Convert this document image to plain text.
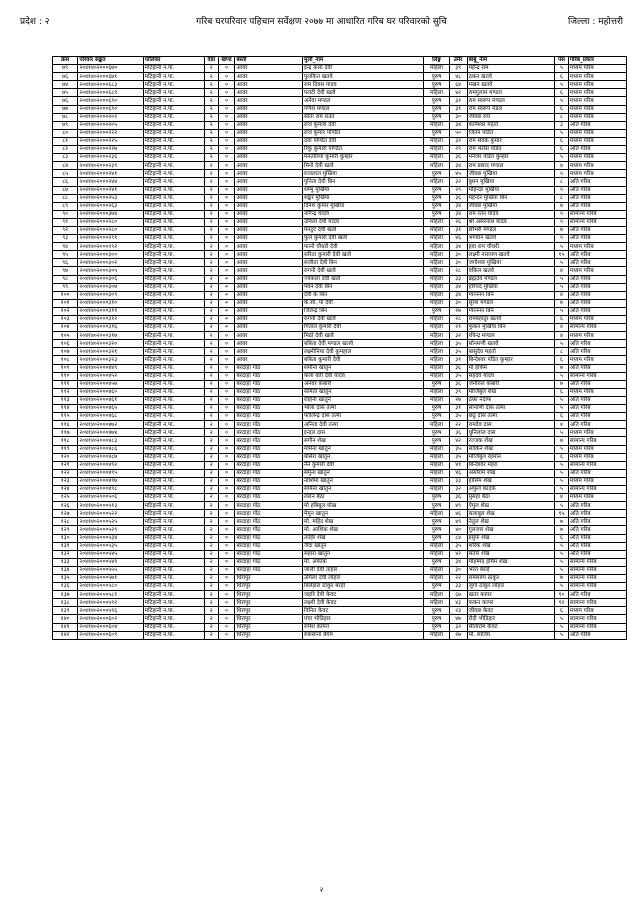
प्रदेश : २	गरिब घरपरिवार पहिचान सर्वेक्षण २०७७ मा आधारित गरिब घर परिवारको सुचि	जिल्ला : महोत्तरी
क्रस	परिवार संङ्केत	पालिका	वडा	खण्ड	बस्ती	मुली_नाम	लिङ्ग	उमेर	बाबु_नाम	पस	गरिब_प्रकार
७९	२०४१४०२०००६७०	मटिहानी न.पा.	२	०	आवर	इन्द्र कला देवी	महिला	३९	महेन्द्र राम	५	मध्यम गरिब
७६	२०४१४०२०००६७१	मटिहानी न.पा.	२	०	आवर	पुलकित खतवे	पुरुष	४८	ठकन खतवे	६	मध्यम गरिब
७४	२०४१४०२०००६८३	मटिहानी न.पा.	२	०	आवर	राम दिवस पादव	पुरुष	६४	मखन खतवे	५	मध्यम गरिब
७५	२०४१४०२०००६८९	मटिहानी न.पा.	२	०	आवर	पलटी देवी खत्वे	महिला	४२	रामगुलाम मण्डल	६	मध्यम गरिब
७६	२०४१४०२०००६९०	मटिहानी न.पा.	२	०	आवर	अनेवा मण्डल	पुरुष	३२	राम स्वरूप मण्डल	५	मध्यम गरिब
७७	२०४१४०२०००६९०	मटिहानी न.पा.	२	०	आवर	गणेश मण्डल	पुरुष	३१	राम स्वरूप मंडल	६	मध्यम गरिब
७८	२०४१४०२०००२०२	मटिहानी न.पा.	२	०	आवर	सीता राम राउत	पुरुष	३०	जीवछ राय	८	मध्यम गरिब
७९	२०४१४०२०००२०५	मटिहानी न.पा.	२	०	आवर	राज कुमारी देवी	महिला	३४	कामेश्वर महतो	३	अति गरिब
८०	२०४१४०२०००२२२	मटिहानी न.पा.	२	०	आवर	राज कुमार पण्डित	पुरुष	५०	जितन पंडित	५	मध्यम गरिब
८१	२०४१४०२०००२२५	मटिहानी न.पा.	२	०	आवर	दया पण्डित देवी	महिला	३२	राम सेवक कुमार	६	मध्यम गरिब
८२	२०४१४०२०००२२७	मटिहानी न.पा.	२	०	आवर	रिंकु कुमारी पण्डित	महिला	२९	राम भरोस पंडित	६	अति गरिब
८३	२०४१४०२०००२३६	मटिहानी न.पा.	२	०	आवर	मनतोरिया कुमारी कुम्हार	महिला	३६	मनेजर पंडित कुम्हार	५	मध्यम गरिब
८४	२०४१४०२०००२३९	मटिहानी न.पा.	२	०	आवर	मिनो देवी खत्वे	महिला	३४	राम प्रसाद मण्डल	४	मध्यम गरिब
८५	२०४१४०२०००२४१	मटिहानी न.पा.	२	०	आवर	राजलाल मुखिया	पुरुष	४५	जीवछ मुखिया	५	मध्यम गरिब
८६	२०४१४०२०००२४४	मटिहानी न.पा.	२	०	आवर	पुनिता देवी बिन	महिला	३२	बुधन मुखिया	८	अति गरिब
८७	२०४१४०२०००२४१	मटिहानी न.पा.	२	०	आवर	शम्भु मुखिया	पुरुष	२९	महिन्दर मुखिया	५	अति गरिब
८८	२०४१४०२०००२५३	मटिहानी न.पा.	२	०	आवर	शङ्कर मुखिया	पुरुष	३६	महेन्दर मुखिया बिन	८	अति गरिब
८९	२०४१४०२०००२६३	मटिहानी न.पा.	२	०	आवर	दिनेश कुमार मुखिया	पुरुष	३४	जीवछ मुखिया	७	अति गरिब
९०	२०४१४०२०००३७४	मटिहानी न.पा.	२	०	आवर	नागेन्द्र यादव	पुरुष	३४	राम रतन यादव	५	सामान्य गरिब
९१	२०४१४०२०००२८०	मटिहानी न.पा.	२	०	आवर	उर्मिला देवी यादव	महिला	२६	श्री असरनाथ यादव	५	सामान्य गरिब
९२	२०४१४०२०००२८०	मटिहानी न.पा.	२	०	आवर	मनटुट देवी खत्वे	महिला	३१	छोभरी मण्डल	७	अति गरिब
९३	२०४१४०२०००२९१	मटिहानी न.पा.	२	०	आवर	फुल कुमारी देवी खत्वे	महिला	४६	भगवान खतवे	५	अति गरिब
९४	२०४१४०२०००२९२	मटिहानी न.पा.	२	०	आवर	फानो चौधरी देवी	महिला	३४	हवा राम चौधरी	५	मध्यम गरिब
९५	२०४१४०२०००३००	मटिहानी न.पा.	२	०	आवर	सरिता कुमारी देवी खत्वे	महिला	३०	लक्ष्मी नारायण खतवे	१५	अति गरिब
९६	२०४१४०२०००३०२	मटिहानी न.पा.	२	०	आवर	संजीता देवी बिन	महिला	३०	जगोश्वर मुखिया	५	अति गरिब
९७	२०४१४०२०००३०५	मटिहानी न.पा.	२	०	आवर	रागनी देवी खत्वे	महिला	२८	वकिल खतवे	४	मध्यम गरिब
९८	२०४१४०२०००३०६	मटिहानी न.पा.	२	०	आवर	ज्यकला देवी खत्वे	महिला	३३	ब्रह्मदेव मण्डल	५	अति गरिब
९९	२०४१४०२०००३०७	मटिहानी न.पा.	२	०	आवर	पवन देवी बिन	महिला	३४	हरिचंद मुखिया	५	अति गरिब
१००	२०४१४०२०००३०९	मटिहानी न.पा.	२	०	आवर	देवी क बिन	महिला	३४	ग्याननन बिन	४	अति गरिब
१०१	२०४१४०२०००३१०	मटिहानी न.पा.	२	०	आवर	के.सी. पा देवी	महिला	३०	सुरेश मण्डल	७	अति गरिब
१०२	२०४१४०२०००३११	मटिहानी न.पा.	२	०	आवर	जितेन्द्र बिन	पुरुष	२७	ग्याननन बिन	५	अति गरिब
१०३	२०४१४०२०००३१२	मटिहानी न.पा.	२	०	आवर	रागनी देवी खत्वे	महिला	२८	रामबहादुर खतवे	६	मध्यम गरिब
१०४	२०४१४०२०००३१६	मटिहानी न.पा.	२	०	आवर	गिताल कुमारी देवी	महिला	२१	फुकन मुखिया बिन	४	सामान्य गरिब
१०५	२०४१४०२०००३१७	मटिहानी न.पा.	२	०	आवर	मिठो देवी खत्वे	महिला	३२	रविन्द्र मण्डल	४	मध्यम गरिब
१०६	२०४१४०२०००३२०	मटिहानी न.पा.	२	०	आवर	बबिता देवी मण्डल खतवे	महिला	३५	सोनमणी खतवे	५	अति गरिब
१०७	२०४१४०२०००३२१	मटिहानी न.पा.	२	०	आवर	लक्ष्मीनिया देवी कुमहाल	महिला	३५	बासुदेव महतो	८	अति गरिब
१०८	२०४१४०२०००३२३	मटिहानी न.पा.	२	०	आवर	बबिता कुमारी देवी	महिला	३१	बिन्देश्वर पंडित कुम्हार	६	मध्यम गरिब
१०९	२०४१४०२०००४४९	मटिहानी न.पा.	२	०	बरदाहा गाँठ	शमीना खातुन	महिला	३६	मो हकिम	७	अति गरिब
११०	२०४१४०२०००४५२	मटिहानी न.पा.	२	०	बरदाहा गाँठ	कला वती देवी यादव	महिला	३५	सहदेव यादव	५	सामान्य गरिब
१११	२०४१४०२०००४५७	मटिहानी न.पा.	२	०	बरदाहा गाँठ	अनवर कबारी	पुरुष	३६	जमीरुल कबारी	७	अति गरिब
११२	२०४१४०२०००४६०	मटिहानी न.पा.	२	०	बरदाहा गाँठ	समिता खातुन	महिला	३९	मोजिबुल शेख	६	मध्यम गरिब
११३	२०४१४०२०००४६१	मटिहानी न.पा.	२	०	बरदाहा गाँठ	रोहिनी खातुन	महिला	२७	ठका नदाफ	५	अति गरिब
११४	२०४१४०२०००४६५	मटिहानी न.पा.	२	०	बरदाहा गाँठ	भोला दास तत्मा	पुरुष	३१	सोनाणी दास तत्मा	५	अति गरिब
११५	२०४१४०२०००४६८	मटिहानी न.पा.	२	०	बरदाहा गाँठ	फोलिन्द्र दास तत्मा	पुरुष	३५	छठु दास तत्मा	६	अति गरिब
११६	२०४१४०२०००४७२	मटिहानी न.पा.	२	०	बरदाहा गाँठ	अनिता देवी तत्मा	महिला	२२	रामदेव दास	४	अति गरिब
११७	२०४१४०२०००४७४	मटिहानी न.पा.	२	०	बरदाहा गाँठ	इन्दल दास	पुरुष	३६	धुनिलाल दास	५	मध्यम गरिब
११८	२०४१४०२०००४८३	मटिहानी न.पा.	२	०	बरदाहा गाँठ	सगीन शेख	पुरुष	४२	रज्जक शेख	७	सामान्य गरिब
११९	२०४१४०२०००४८६	मटिहानी न.पा.	२	०	बरदाहा गाँठ	मर्मिना खातुन	महिला	३५	साकिन शेख	५	मध्यम गरिब
१२०	२०४१४०२०००४८७	मटिहानी न.पा.	२	०	बरदाहा गाँठ	बसिरा खातुन	महिला	३५	मोजिबुल रहमान	६	मध्यम गरिब
१२१	२०४१४०२०००४९२	मटिहानी न.पा.	२	०	बरदाहा गाँठ	नैन कुमारी देवी	महिला	४१	बिन्देश्वर महरा	५	सामान्य गरिब
१२२	२०४१४०२०००४९५	मटिहानी न.पा.	२	०	बरदाहा गाँठ	समुना खातुन	महिला	४६	असोराम शेख	५	अति गरिब
१२३	२०४१४०२०००४९७	मटिहानी न.पा.	२	०	बरदाहा गाँठ	नाशिमा खातुन	महिला	३३	हासिम शेख	५	मध्यम गरिब
१२४	२०४१४०२०००४९८	मटिहानी न.पा.	२	०	बरदाहा गाँठ	समिना खातुन	महिला	३२	अफुल कादक	५	सामान्य गरिब
१२५	२०४१४०२०००५०६	मटिहानी न.पा.	२	०	बरदाहा गाँठ	ललन बैठा	पुरुष	३६	मुसहा बैठा	४	मध्यम गरिब
१२६	२०४१४०२०००५१३	मटिहानी न.पा.	२	०	बरदाहा गाँठ	मो हबिबुल मोख	पुरुष	४९	ऐमुल शेख	५	अति गरिब
१२७	२०४१४०२०००५२२	मटिहानी न.पा.	२	०	बरदाहा गाँठ	मेमुन खातुन	महिला	४६	सलाबुल शेख	१५	अति गरिब
१२८	२०४१४०२०००५२५	मटिहानी न.पा.	२	०	बरदाहा गाँठ	मो. महिंद शेख	पुरुष	४९	नेतुल शेख	७	अति गरिब
१२९	२०४१४०२०००५२९	मटिहानी न.पा.	२	०	बरदाहा गाँठ	मो. आशिक शेख	पुरुष	४०	गुलजार शेख	७	अति गरिब
१३०	२०४१४०२०००५३४	मटिहानी न.पा.	२	०	बरदाहा गाँठ	ताहिर शेख	पुरुष	८४	इसुफ शेख	६	अति गरिब
१३१	२०४१४०२०००५३५	मटिहानी न.पा.	२	०	बरदाहा गाँठ	जैदा खातुन	महिला	३५	शरिक शेख	५	अति गरिब
१३२	२०४१४०२०००५४५	मटिहानी न.पा.	२	०	बरदाहा गाँठ	सहारा खातुन	महिला	४२	सतार शेख	५	अति गरिब
१३३	२०४१४०२०००५४९	मटिहानी न.पा.	२	०	बरदाहा गाँठ	मो. अफाक	पुरुष	३४	मोहम्मद हमिम शेख	५	सामान्य गरिब
१३४	२०४१४०२०००५५५	मटिहानी न.पा.	२	०	बरदाहा गाँठ	जाली देवी तोहार	महिला	३०	भरत बराई	५	सामान्य गरिब
१३५	२०४१४०२०००५७१	मटिहानी न.पा.	२	०	धिरापुर	उर्मिला देवी लोहार	महिला	२२	रामसरुप ठाकुर	७	सामान्य गरिब
१३६	२०४१४०२०००५८०	मटिहानी न.पा.	२	०	धिरापुर	बिलेझरा ठाकुर बरही	पुरुष	३३	जुगो ठाकुर लोहार	५	सामान्य गरिब
१३७	२०४१४०२०००५८१	मटिहानी न.पा.	२	०	धिरापुर	जहरि देवी केवट	महिला	६७	खतर कापर	१०	अति गरिब
१३८	२०४१४०२०००५९२	मटिहानी न.पा.	२	०	धिरापुर	लक्ष्मी देवी केवट	महिला	४३	फकन कापर	१२	सामान्य गरिब
१३९	२०४१४०२०००५९६	मटिहानी न.पा.	२	०	धिरापुर	विनित केवट	पुरुष	२३	जीवछ केवट	६	मध्यम गरिब
१४०	२०४१४०२०००६०२	मटिहानी न.पा.	२	०	धिरापुर	पंचा भीडिहार	पुरुष	४७	रौदी भीडिहार	५	सामान्य गरिब
१४१	२०४१४०२०००६०४	मटिहानी न.पा.	२	०	धिरापुर	रामेश कामत	पुरुष	३२	सीताराम केवट	५	सामान्य गरिब
१४२	२०४१४०२०००६०९	मटिहानी न.पा.	२	०	धिरापुर	रुकसाना बेगम	महिला	२७	मो. सातिम	५	अति गरिब
२
